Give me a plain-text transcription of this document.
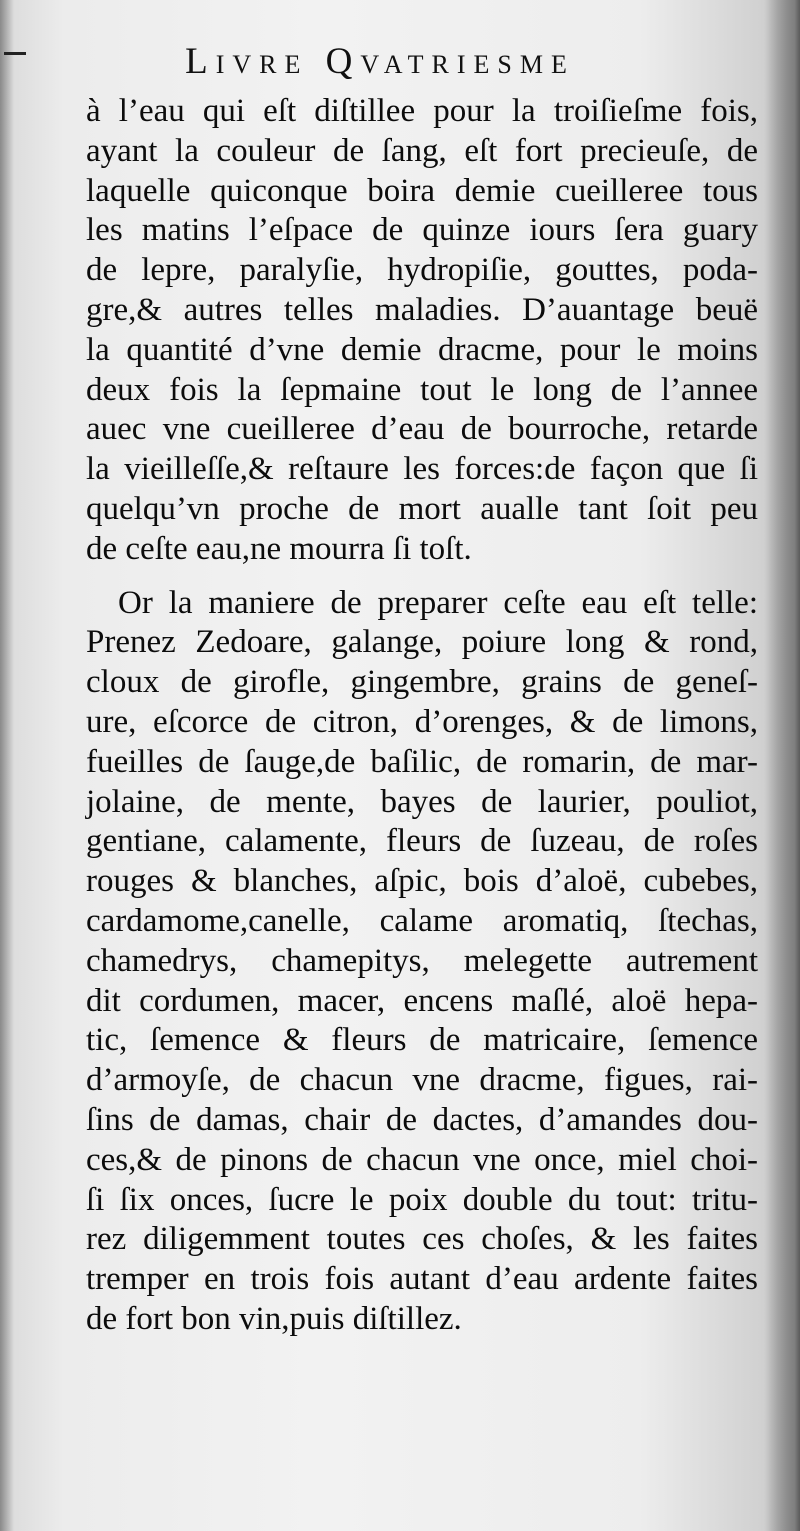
Livre Qvatriesme
à l’eau qui eſt diſtillee pour la troiſieſme fois,
ayant la couleur de ſang, eſt fort precieuſe, de
laquelle quiconque boira demie cueilleree tous
les matins l’eſpace de quinze iours ſera guary
de lepre, paralyſie, hydropiſie, gouttes, poda-
gre,& autres telles maladies. D’auantage beuë
la quantité d’vne demie dracme, pour le moins
deux fois la ſepmaine tout le long de l’annee
auec vne cueilleree d’eau de bourroche, retarde
la vieilleſſe,& reſtaure les forces:de façon que ſi
quelqu’vn proche de mort aualle tant ſoit peu
de ceſte eau,ne mourra ſi toſt.
Or la maniere de preparer ceſte eau eſt telle:
Prenez Zedoare, galange, poiure long & rond,
cloux de girofle, gingembre, grains de geneſ-
ure, eſcorce de citron, d’orenges, & de limons,
fueilles de ſauge,de baſilic, de romarin, de mar-
jolaine, de mente, bayes de laurier, pouliot,
gentiane, calamente, fleurs de ſuzeau, de roſes
rouges & blanches, aſpic, bois d’aloë, cubebes,
cardamome,canelle, calame aromatiq, ſtechas,
chamedrys, chamepitys, melegette autrement
dit cordumen, macer, encens maſlé, aloë hepa-
tic, ſemence & fleurs de matricaire, ſemence
d’armoyſe, de chacun vne dracme, figues, rai-
ſins de damas, chair de dactes, d’amandes dou-
ces,& de pinons de chacun vne once, miel choi-
ſi ſix onces, ſucre le poix double du tout: tritu-
rez diligemment toutes ces choſes, & les faites
tremper en trois fois autant d’eau ardente faites
de fort bon vin,puis diſtillez.
